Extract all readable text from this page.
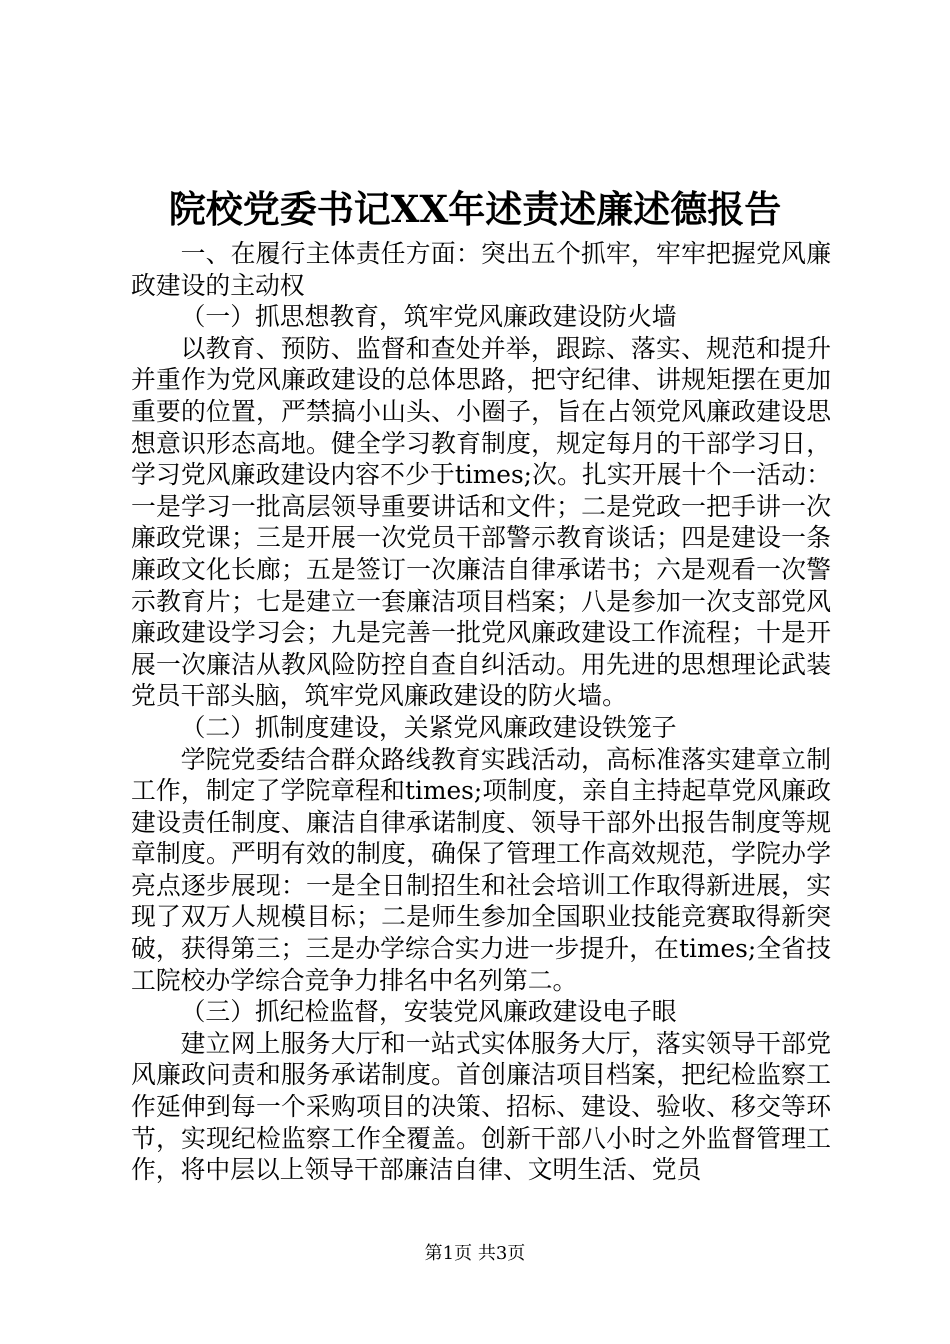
院校党委书记XX年述责述廉述德报告

一、在履行主体责任方面：突出五个抓牢，牢牢把握党风廉政建设的主动权

（一）抓思想教育，筑牢党风廉政建设防火墙

以教育、预防、监督和查处并举，跟踪、落实、规范和提升并重作为党风廉政建设的总体思路，把守纪律、讲规矩摆在更加重要的位置，严禁搞小山头、小圈子，旨在占领党风廉政建设思想意识形态高地。健全学习教育制度，规定每月的干部学习日，学习党风廉政建设内容不少于times;次。扎实开展十个一活动：一是学习一批高层领导重要讲话和文件；二是党政一把手讲一次廉政党课；三是开展一次党员干部警示教育谈话；四是建设一条廉政文化长廊；五是签订一次廉洁自律承诺书；六是观看一次警示教育片；七是建立一套廉洁项目档案；八是参加一次支部党风廉政建设学习会；九是完善一批党风廉政建设工作流程；十是开展一次廉洁从教风险防控自查自纠活动。用先进的思想理论武装党员干部头脑，筑牢党风廉政建设的防火墙。

（二）抓制度建设，关紧党风廉政建设铁笼子

学院党委结合群众路线教育实践活动，高标准落实建章立制工作，制定了学院章程和times;项制度，亲自主持起草党风廉政建设责任制度、廉洁自律承诺制度、领导干部外出报告制度等规章制度。严明有效的制度，确保了管理工作高效规范，学院办学亮点逐步展现：一是全日制招生和社会培训工作取得新进展，实现了双万人规模目标；二是师生参加全国职业技能竞赛取得新突破，获得第三；三是办学综合实力进一步提升，在times;全省技工院校办学综合竞争力排名中名列第二。

（三）抓纪检监督，安装党风廉政建设电子眼

建立网上服务大厅和一站式实体服务大厅，落实领导干部党风廉政问责和服务承诺制度。首创廉洁项目档案，把纪检监察工作延伸到每一个采购项目的决策、招标、建设、验收、移交等环节，实现纪检监察工作全覆盖。创新干部八小时之外监督管理工作，将中层以上领导干部廉洁自律、文明生活、党员

第1页 共3页
